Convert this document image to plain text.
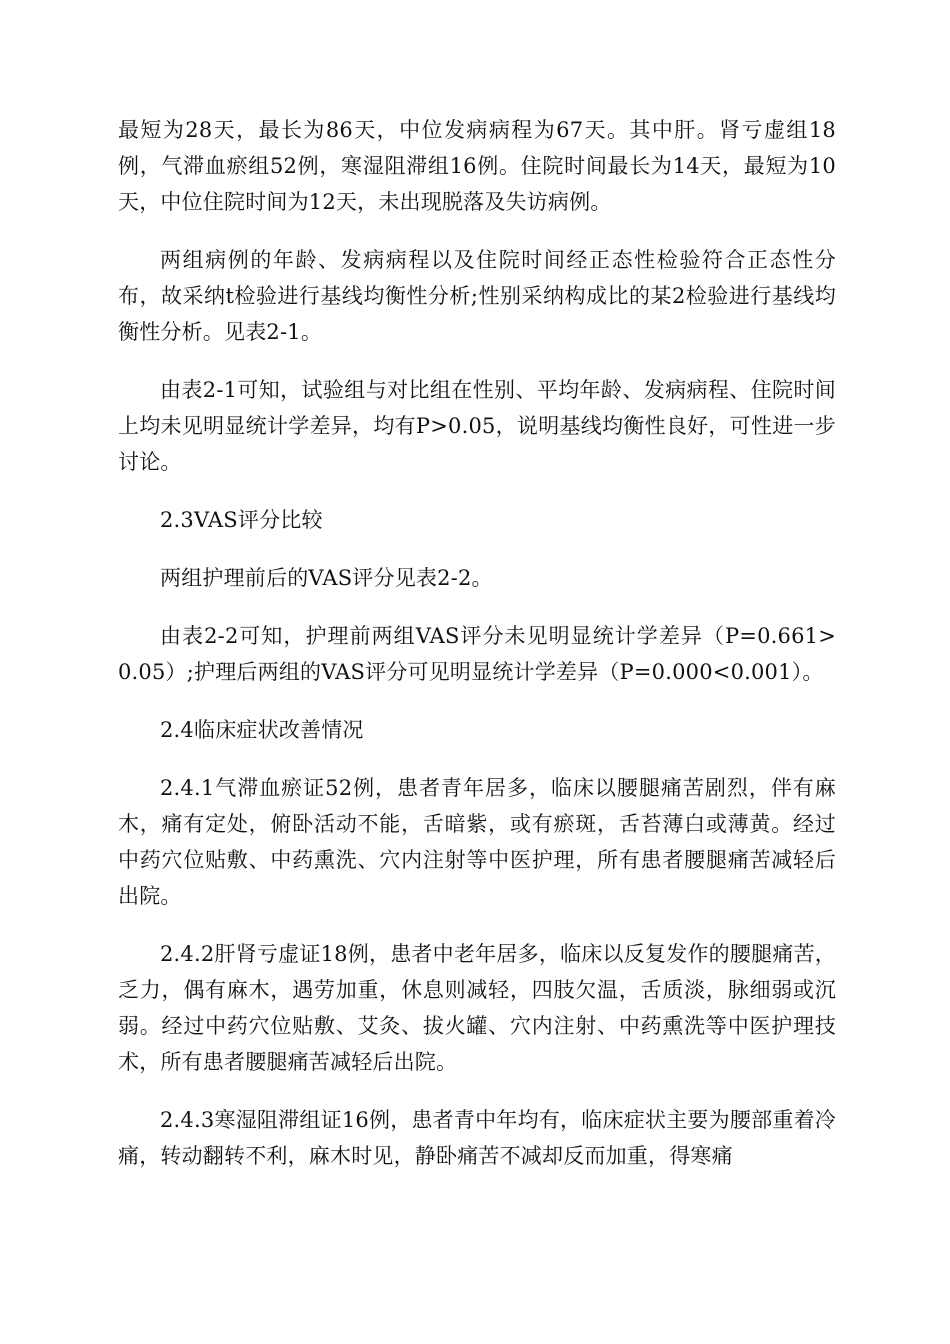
最短为28天，最长为86天，中位发病病程为67天。其中肝。肾亏虚组18例，气滞血瘀组52例，寒湿阻滞组16例。住院时间最长为14天，最短为10天，中位住院时间为12天，未出现脱落及失访病例。

两组病例的年龄、发病病程以及住院时间经正态性检验符合正态性分布，故采纳t检验进行基线均衡性分析;性别采纳构成比的某2检验进行基线均衡性分析。见表2-1。

由表2-1可知，试验组与对比组在性别、平均年龄、发病病程、住院时间上均未见明显统计学差异，均有P>0.05，说明基线均衡性良好，可性进一步讨论。

2.3VAS评分比较

两组护理前后的VAS评分见表2-2。

由表2-2可知，护理前两组VAS评分未见明显统计学差异（P=0.661>0.05）;护理后两组的VAS评分可见明显统计学差异（P=0.000<0.001）。

2.4临床症状改善情况

2.4.1气滞血瘀证52例，患者青年居多，临床以腰腿痛苦剧烈，伴有麻木，痛有定处，俯卧活动不能，舌暗紫，或有瘀斑，舌苔薄白或薄黄。经过中药穴位贴敷、中药熏洗、穴内注射等中医护理，所有患者腰腿痛苦减轻后出院。

2.4.2肝肾亏虚证18例，患者中老年居多，临床以反复发作的腰腿痛苦，乏力，偶有麻木，遇劳加重，休息则减轻，四肢欠温，舌质淡，脉细弱或沉弱。经过中药穴位贴敷、艾灸、拔火罐、穴内注射、中药熏洗等中医护理技术，所有患者腰腿痛苦减轻后出院。

2.4.3寒湿阻滞组证16例，患者青中年均有，临床症状主要为腰部重着冷痛，转动翻转不利，麻木时见，静卧痛苦不减却反而加重，得寒痛
